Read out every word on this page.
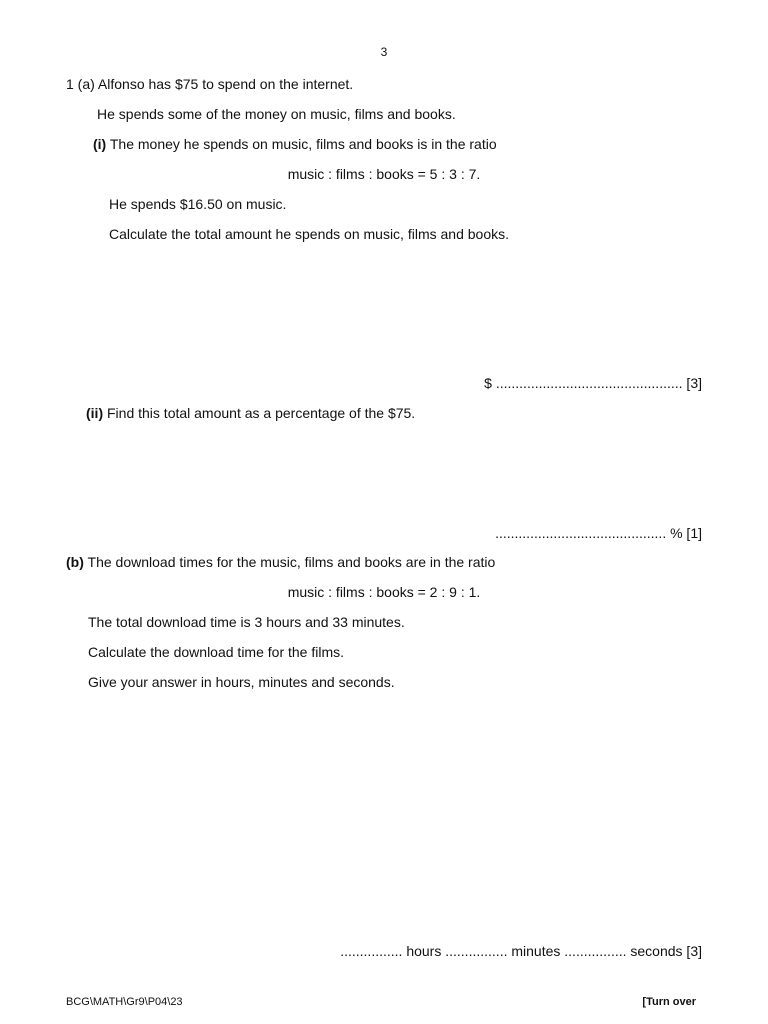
3
1 (a) Alfonso has $75 to spend on the internet.
He spends some of the money on music, films and books.
(i) The money he spends on music, films and books is in the ratio
music : films : books = 5 : 3 : 7.
He spends $16.50 on music.
Calculate the total amount he spends on music, films and books.
$ ................................................ [3]
(ii) Find this total amount as a percentage of the $75.
............................................ % [1]
(b) The download times for the music, films and books are in the ratio
music : films : books = 2 : 9 : 1.
The total download time is 3 hours and 33 minutes.
Calculate the download time for the films.
Give your answer in hours, minutes and seconds.
................ hours ................ minutes ................ seconds [3]
BCG\MATH\Gr9\P04\23	[Turn over
